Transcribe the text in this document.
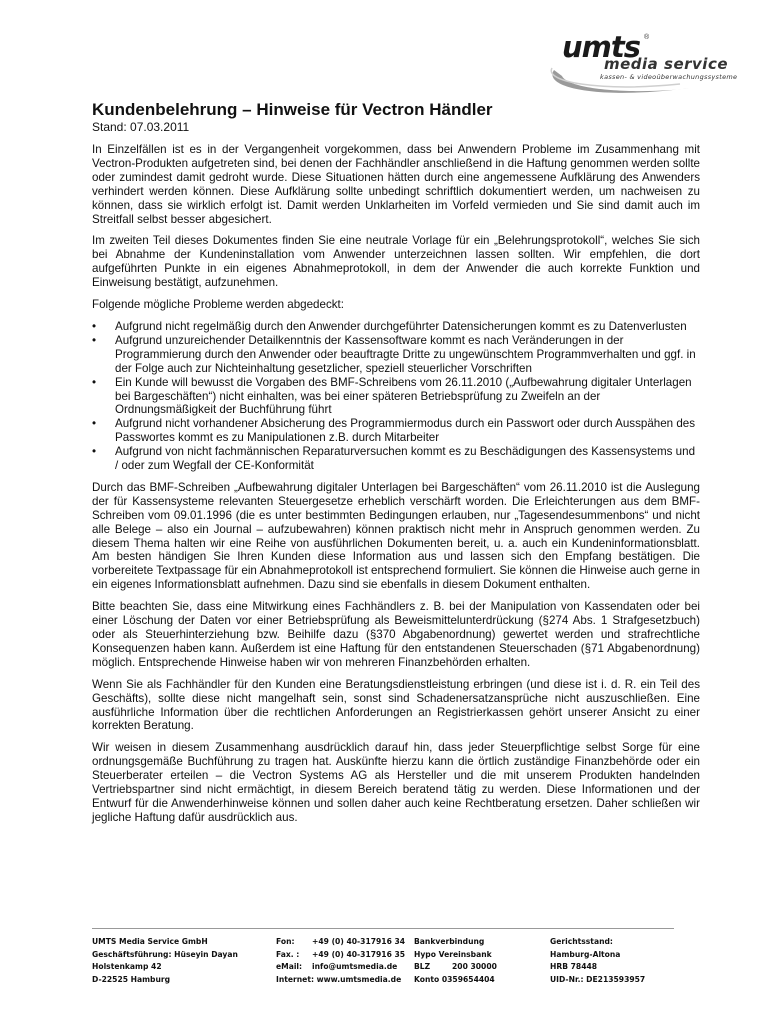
umts ®
media service
kassen- & videoüberwachungssysteme
Kundenbelehrung – Hinweise für Vectron Händler
Stand: 07.03.2011

In Einzelfällen ist es in der Vergangenheit vorgekommen, dass bei Anwendern Probleme im Zusammenhang mit Vectron-Produkten aufgetreten sind, bei denen der Fachhändler anschließend in die Haftung genommen werden sollte oder zumindest damit gedroht wurde. Diese Situationen hätten durch eine angemessene Aufklärung des Anwenders verhindert werden können. Diese Aufklärung sollte unbedingt schriftlich dokumentiert werden, um nachweisen zu können, dass sie wirklich erfolgt ist. Damit werden Unklarheiten im Vorfeld vermieden und Sie sind damit auch im Streitfall selbst besser abgesichert.

Im zweiten Teil dieses Dokumentes finden Sie eine neutrale Vorlage für ein „Belehrungsprotokoll“, welches Sie sich bei Abnahme der Kundeninstallation vom Anwender unterzeichnen lassen sollten. Wir empfehlen, die dort aufgeführten Punkte in ein eigenes Abnahmeprotokoll, in dem der Anwender die auch korrekte Funktion und Einweisung bestätigt, aufzunehmen.

Folgende mögliche Probleme werden abgedeckt:

• Aufgrund nicht regelmäßig durch den Anwender durchgeführter Datensicherungen kommt es zu Datenverlusten
• Aufgrund unzureichender Detailkenntnis der Kassensoftware kommt es nach Veränderungen in der Programmierung durch den Anwender oder beauftragte Dritte zu ungewünschtem Programmverhalten und ggf. in der Folge auch zur Nichteinhaltung gesetzlicher, speziell steuerlicher Vorschriften
• Ein Kunde will bewusst die Vorgaben des BMF-Schreibens vom 26.11.2010 („Aufbewahrung digitaler Unterlagen bei Bargeschäften“) nicht einhalten, was bei einer späteren Betriebsprüfung zu Zweifeln an der Ordnungsmäßigkeit der Buchführung führt
• Aufgrund nicht vorhandener Absicherung des Programmiermodus durch ein Passwort oder durch Ausspähen des Passwortes kommt es zu Manipulationen z.B. durch Mitarbeiter
• Aufgrund von nicht fachmännischen Reparaturversuchen kommt es zu Beschädigungen des Kassensystems und / oder zum Wegfall der CE-Konformität

Durch das BMF-Schreiben „Aufbewahrung digitaler Unterlagen bei Bargeschäften“ vom 26.11.2010 ist die Auslegung der für Kassensysteme relevanten Steuergesetze erheblich verschärft worden. Die Erleichterungen aus dem BMF-Schreiben vom 09.01.1996 (die es unter bestimmten Bedingungen erlauben, nur „Tagesendesummenbons“ und nicht alle Belege – also ein Journal – aufzubewahren) können praktisch nicht mehr in Anspruch genommen werden. Zu diesem Thema halten wir eine Reihe von ausführlichen Dokumenten bereit, u. a. auch ein Kundeninformationsblatt. Am besten händigen Sie Ihren Kunden diese Information aus und lassen sich den Empfang bestätigen. Die vorbereitete Textpassage für ein Abnahmeprotokoll ist entsprechend formuliert. Sie können die Hinweise auch gerne in ein eigenes Informationsblatt aufnehmen. Dazu sind sie ebenfalls in diesem Dokument enthalten.

Bitte beachten Sie, dass eine Mitwirkung eines Fachhändlers z. B. bei der Manipulation von Kassendaten oder bei einer Löschung der Daten vor einer Betriebsprüfung als Beweismittelunterdrückung (§274 Abs. 1 Strafgesetzbuch) oder als Steuerhinterziehung bzw. Beihilfe dazu (§370 Abgabenordnung) gewertet werden und strafrechtliche Konsequenzen haben kann. Außerdem ist eine Haftung für den entstandenen Steuerschaden (§71 Abgabenordnung) möglich. Entsprechende Hinweise haben wir von mehreren Finanzbehörden erhalten.

Wenn Sie als Fachhändler für den Kunden eine Beratungsdienstleistung erbringen (und diese ist i. d. R. ein Teil des Geschäfts), sollte diese nicht mangelhaft sein, sonst sind Schadenersatzansprüche nicht auszuschließen. Eine ausführliche Information über die rechtlichen Anforderungen an Registrierkassen gehört unserer Ansicht zu einer korrekten Beratung.

Wir weisen in diesem Zusammenhang ausdrücklich darauf hin, dass jeder Steuerpflichtige selbst Sorge für eine ordnungsgemäße Buchführung zu tragen hat. Auskünfte hierzu kann die örtlich zuständige Finanzbehörde oder ein Steuerberater erteilen – die Vectron Systems AG als Hersteller und die mit unserem Produkten handelnden Vertriebspartner sind nicht ermächtigt, in diesem Bereich beratend tätig zu werden. Diese Informationen und der Entwurf für die Anwenderhinweise können und sollen daher auch keine Rechtberatung ersetzen. Daher schließen wir jegliche Haftung dafür ausdrücklich aus.

UMTS Media Service GmbH
Geschäftsführung: Hüseyin Dayan
Holstenkamp 42
D-22525 Hamburg
Fon: +49 (0) 40-317916 34
Fax. : +49 (0) 40-317916 35
eMail: info@umtsmedia.de
Internet: www.umtsmedia.de
Bankverbindung
Hypo Vereinsbank
BLZ	200 30000
Konto 0359654404
Gerichtsstand:
Hamburg-Altona
HRB 78448
UID-Nr.: DE213593957
